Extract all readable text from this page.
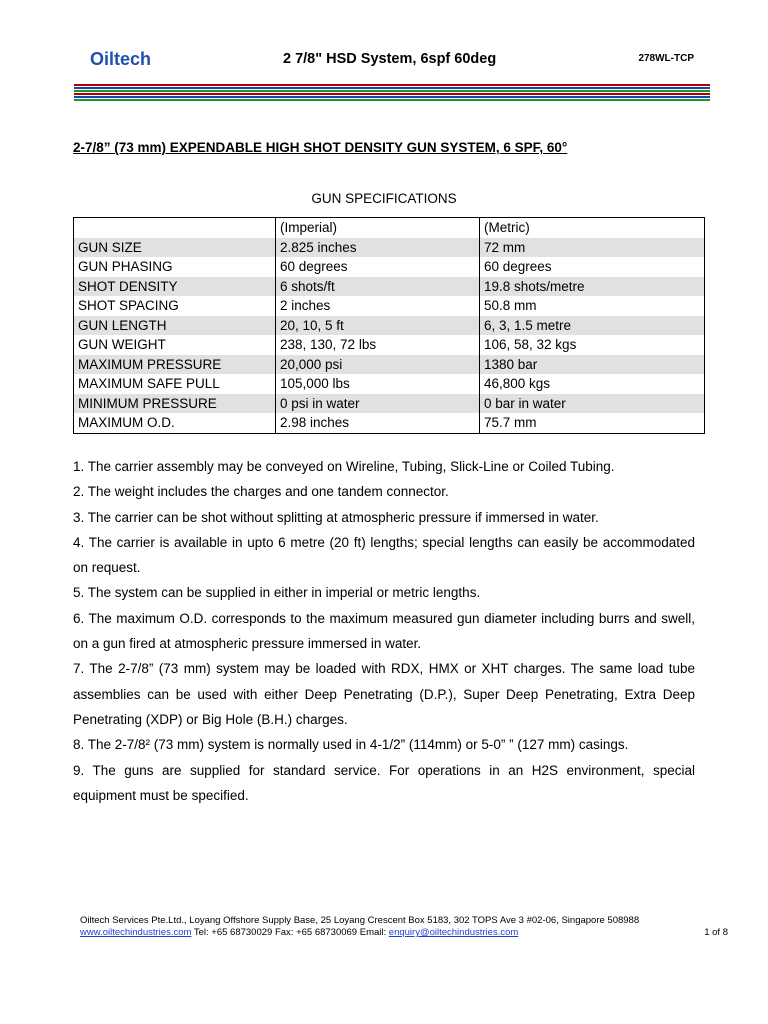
Oiltech	2 7/8" HSD System, 6spf 60deg	278WL-TCP
2-7/8” (73 mm) EXPENDABLE HIGH SHOT DENSITY GUN SYSTEM, 6 SPF, 60°
GUN SPECIFICATIONS
	(Imperial)	(Metric)
GUN SIZE	2.825 inches	72 mm
GUN PHASING	60 degrees	60 degrees
SHOT DENSITY	6 shots/ft	19.8 shots/metre
SHOT SPACING	2 inches	50.8 mm
GUN LENGTH	20, 10, 5 ft	6, 3, 1.5 metre
GUN WEIGHT	238, 130, 72 lbs	106, 58, 32 kgs
MAXIMUM PRESSURE	20,000 psi	1380 bar
MAXIMUM SAFE PULL	105,000 lbs	46,800 kgs
MINIMUM PRESSURE	0 psi in water	0 bar in water
MAXIMUM O.D.	2.98 inches	75.7 mm

1. The carrier assembly may be conveyed on Wireline, Tubing, Slick-Line or Coiled Tubing.

2. The weight includes the charges and one tandem connector.

3. The carrier can be shot without splitting at atmospheric pressure if immersed in water.

4. The carrier is available in upto 6 metre (20 ft) lengths; special lengths can easily be accommodated on request.

5. The system can be supplied in either in imperial or metric lengths.

6. The maximum O.D. corresponds to the maximum measured gun diameter including burrs and swell, on a gun fired at atmospheric pressure immersed in water.

7. The 2-7/8” (73 mm) system may be loaded with RDX, HMX or XHT charges. The same load tube assemblies can be used with either Deep Penetrating (D.P.), Super Deep Penetrating, Extra Deep Penetrating (XDP) or Big Hole (B.H.) charges.

8. The 2-7/8² (73 mm) system is normally used in 4-1/2” (114mm) or 5-0” ” (127 mm) casings.

9. The guns are supplied for standard service. For operations in an H2S environment, special equipment must be specified.

Oiltech Services Pte.Ltd., Loyang Offshore Supply Base, 25 Loyang Crescent Box 5183, 302 TOPS Ave 3 #02-06, Singapore 508988
www.oiltechindustries.com Tel: +65 68730029 Fax: +65 68730069 Email: enquiry@oiltechindustries.com	1 of 8
